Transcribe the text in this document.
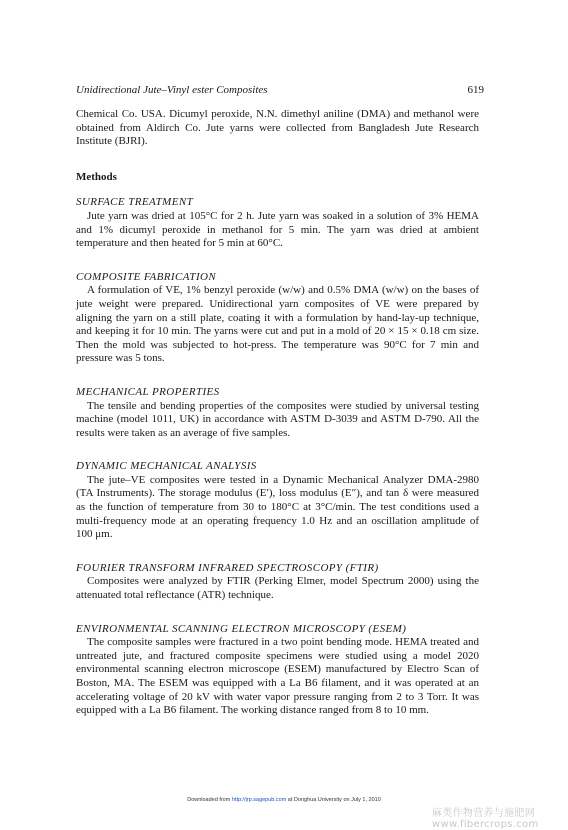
Unidirectional Jute–Vinyl ester Composites	619

Chemical Co. USA. Dicumyl peroxide, N.N. dimethyl aniline (DMA) and methanol were obtained from Aldirch Co. Jute yarns were collected from Bangladesh Jute Research Institute (BJRI).

Methods

SURFACE TREATMENT

Jute yarn was dried at 105°C for 2 h. Jute yarn was soaked in a solution of 3% HEMA and 1% dicumyl peroxide in methanol for 5 min. The yarn was dried at ambient temperature and then heated for 5 min at 60°C.

COMPOSITE FABRICATION

A formulation of VE, 1% benzyl peroxide (w/w) and 0.5% DMA (w/w) on the bases of jute weight were prepared. Unidirectional yarn composites of VE were prepared by aligning the yarn on a still plate, coating it with a formulation by hand-lay-up technique, and keeping it for 10 min. The yarns were cut and put in a mold of 20 × 15 × 0.18 cm size. Then the mold was subjected to hot-press. The temperature was 90°C for 7 min and pressure was 5 tons.

MECHANICAL PROPERTIES

The tensile and bending properties of the composites were studied by universal testing machine (model 1011, UK) in accordance with ASTM D-3039 and ASTM D-790. All the results were taken as an average of five samples.

DYNAMIC MECHANICAL ANALYSIS

The jute–VE composites were tested in a Dynamic Mechanical Analyzer DMA-2980 (TA Instruments). The storage modulus (E′), loss modulus (E″), and tan δ were measured as the function of temperature from 30 to 180°C at 3°C/min. The test conditions used a multi-frequency mode at an operating frequency 1.0 Hz and an oscillation amplitude of 100 μm.

FOURIER TRANSFORM INFRARED SPECTROSCOPY (FTIR)

Composites were analyzed by FTIR (Perking Elmer, model Spectrum 2000) using the attenuated total reflectance (ATR) technique.

ENVIRONMENTAL SCANNING ELECTRON MICROSCOPY (ESEM)

The composite samples were fractured in a two point bending mode. HEMA treated and untreated jute, and fractured composite specimens were studied using a model 2020 environmental scanning electron microscope (ESEM) manufactured by Electro Scan of Boston, MA. The ESEM was equipped with a La B6 filament, and it was operated at an accelerating voltage of 20 kV with water vapor pressure ranging from 2 to 3 Torr. It was equipped with a La B6 filament. The working distance ranged from 8 to 10 mm.

Downloaded from http://jrp.sagepub.com at Donghua University on July 1, 2010
麻类作物营养与施肥网 www.fibercrops.com
